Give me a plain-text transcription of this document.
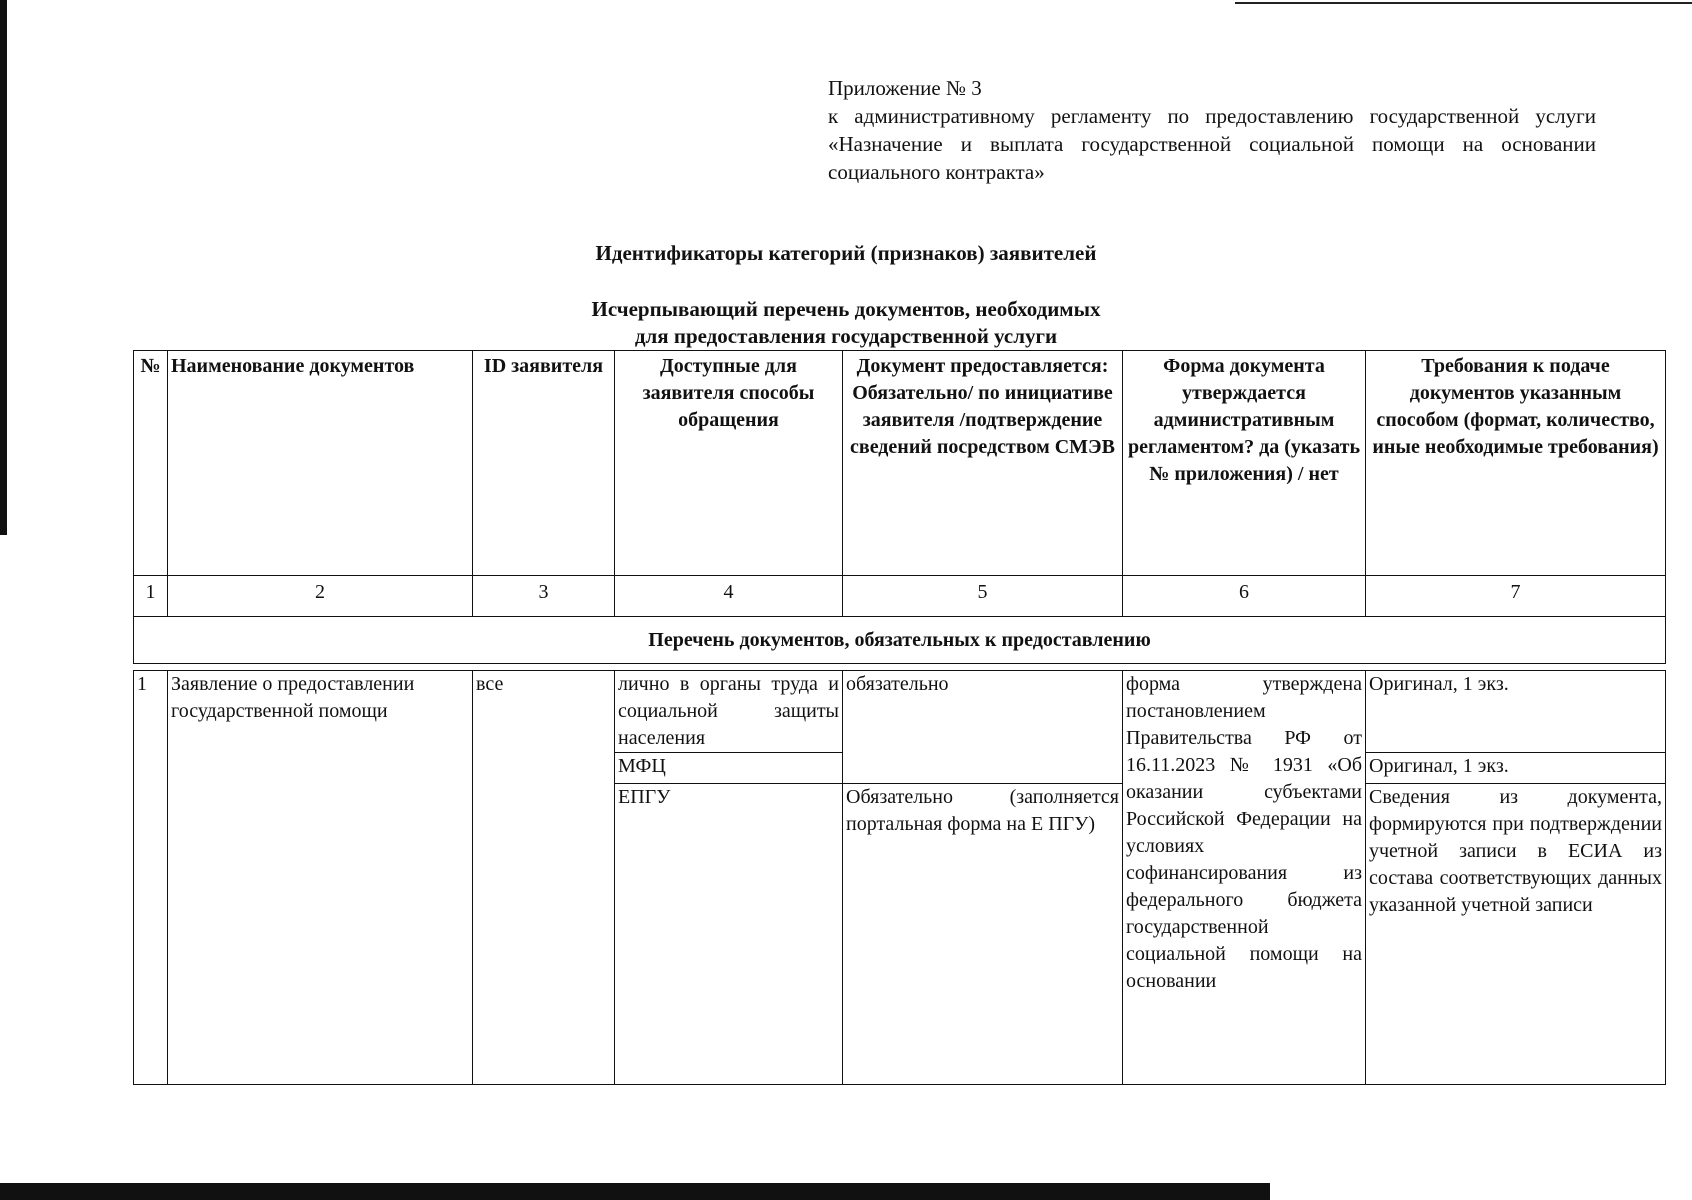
Приложение № 3
к административному регламенту по предоставлению государственной услуги «Назначение и выплата государственной социальной помощи на основании социального контракта»
Идентификаторы категорий (признаков) заявителей
Исчерпывающий перечень документов, необходимых
для предоставления государственной услуги
№	Наименование документов	ID заявителя	Доступные для заявителя способы обращения	Документ предоставляется: Обязательно/ по инициативе заявителя /подтверждение сведений посредством СМЭВ	Форма документа утверждается административным регламентом? да (указать № приложения) / нет	Требования к подаче документов указанным способом (формат, количество, иные необходимые требования)
1	2	3	4	5	6	7
Перечень документов, обязательных к предоставлению						

1	Заявление о предоставлении государственной помощи	все	лично в органы труда и социальной защиты населения	обязательно	форма утверждена постановлением Правительства РФ от 16.11.2023 № 1931 «Об оказании субъектами Российской Федерации на условиях софинансирования из федерального бюджета государственной социальной помощи на основании	Оригинал, 1 экз.
			МФЦ			Оригинал, 1 экз.
			ЕПГУ	Обязательно (заполняется портальная форма на Е ПГУ)		Сведения из документа, формируются при подтверждении учетной записи в ЕСИА из состава соответствующих данных указанной учетной записи
